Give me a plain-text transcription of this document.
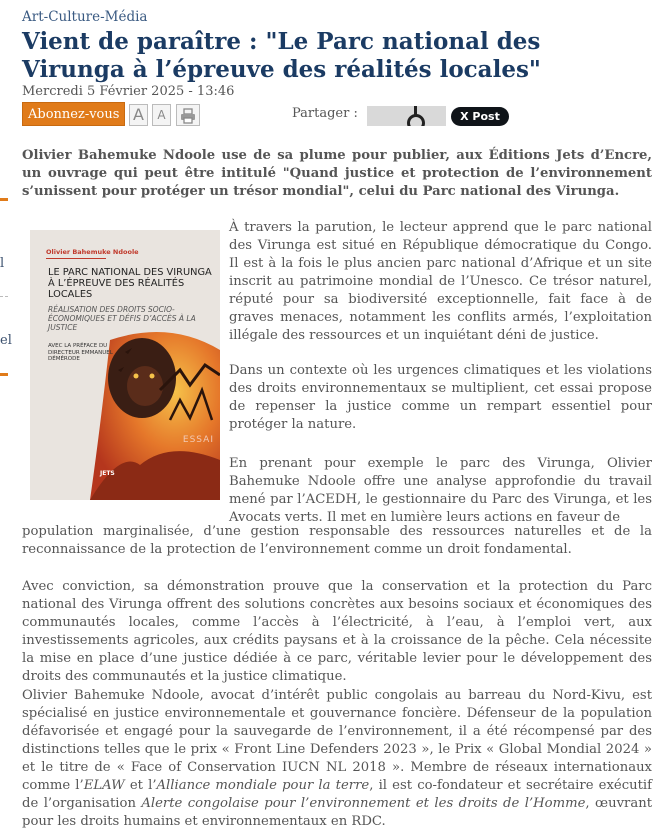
l
el
Art-Culture-Média
Vient de paraître : "Le Parc national des Virunga à l’épreuve des réalités locales"
Mercredi 5 Février 2025 - 13:46
Abonnez-vous A	A	Partager :	X Post

Olivier Bahemuke Ndoole use de sa plume pour publier, aux Éditions Jets d’Encre, un ouvrage qui peut être intitulé "Quand justice et protection de l’environnement s’unissent pour protéger un trésor mondial", celui du Parc national des Virunga.

Olivier Bahemuke Ndoole
LE PARC NATIONAL DES VIRUNGA À L’ÉPREUVE DES RÉALITÉS LOCALES
RÉALISATION DES DROITS SOCIO-ÉCONOMIQUES ET DÉFIS D’ACCÈS À LA JUSTICE
AVEC LA PRÉFACE DU DIRECTEUR EMMANUEL DÉMÉRODE
ESSAI
JETS

À travers la parution, le lecteur apprend que le parc national des Virunga est situé en République démocratique du Congo. Il est à la fois le plus ancien parc national d’Afrique et un site inscrit au patrimoine mondial de l’Unesco. Ce trésor naturel, réputé pour sa biodiversité exceptionnelle, fait face à de graves menaces, notamment les conflits armés, l’exploitation illégale des ressources et un inquiétant déni de justice.

Dans un contexte où les urgences climatiques et les violations des droits environnementaux se multiplient, cet essai propose de repenser la justice comme un rempart essentiel pour protéger la nature.

En prenant pour exemple le parc des Virunga, Olivier Bahemuke Ndoole offre une analyse approfondie du travail mené par l’ACEDH, le gestionnaire du Parc des Virunga, et les Avocats verts. Il met en lumière leurs actions en faveur de

population marginalisée, d’une gestion responsable des ressources naturelles et de la reconnaissance de la protection de l’environnement comme un droit fondamental.

Avec conviction, sa démonstration prouve que la conservation et la protection du Parc national des Virunga offrent des solutions concrètes aux besoins sociaux et économiques des communautés locales, comme l’accès à l’électricité, à l’eau, à l’emploi vert, aux investissements agricoles, aux crédits paysans et à la croissance de la pêche. Cela nécessite la mise en place d’une justice dédiée à ce parc, véritable levier pour le développement des droits des communautés et la justice climatique.

Olivier Bahemuke Ndoole, avocat d’intérêt public congolais au barreau du Nord-Kivu, est spécialisé en justice environnementale et gouvernance foncière. Défenseur de la population défavorisée et engagé pour la sauvegarde de l’environnement, il a été récompensé par des distinctions telles que le prix « Front Line Defenders 2023 », le Prix « Global Mondial 2024 » et le titre de « Face of Conservation IUCN NL 2018 ». Membre de réseaux internationaux comme l’ELAW et l’Alliance mondiale pour la terre, il est co-fondateur et secrétaire exécutif de l’organisation Alerte congolaise pour l’environnement et les droits de l’Homme, œuvrant pour les droits humains et environnementaux en RDC.
